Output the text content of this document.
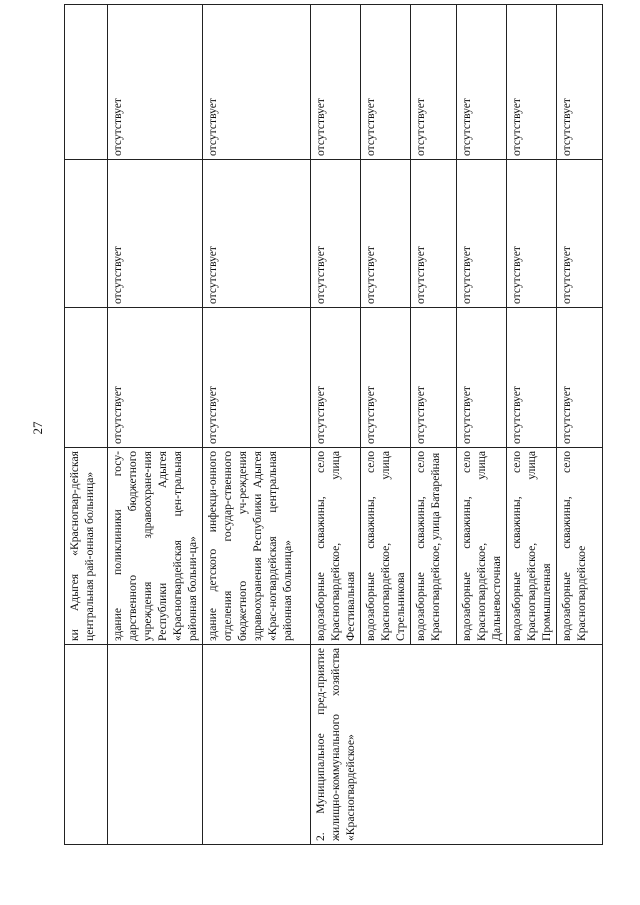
27
	ки Адыгея «Красногвар-дейская центральная рай-онная больница»			
	здание поликлиники госу-дарственного бюджетного учреждения здравоохране-ния Республики Адыгея «Красногвардейская цен-тральная районная больни-ца»	отсутствует	отсутствует	отсутствует
	здание детского инфекци-онного отделения государ-ственного бюджетного уч-реждения здравоохранения Республики Адыгея «Крас-ногвардейская центральная районная больница»	отсутствует	отсутствует	отсутствует
2. Муниципальное пред-приятие жилищно-коммунального хозяйства «Красногвардейское»	водозаборные скважины, село Красногвардейское, улица Фестивальная	отсутствует	отсутствует	отсутствует
	водозаборные скважины, село Красногвардейское, улица Стрельникова	отсутствует	отсутствует	отсутствует
	водозаборные скважины, село Красногвардейское, улица Батарейная	отсутствует	отсутствует	отсутствует
	водозаборные скважины, село Красногвардейское, улица Дальневосточная	отсутствует	отсутствует	отсутствует
	водозаборные скважины, село Красногвардейское, улица Промышленная	отсутствует	отсутствует	отсутствует
	водозаборные скважины, село Красногвардейское	отсутствует	отсутствует	отсутствует
